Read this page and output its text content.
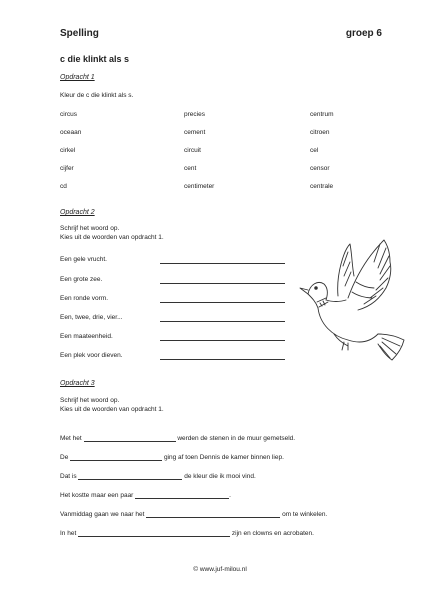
Spelling	groep 6
c die klinkt als s
Opdracht 1
Kleur de c die klinkt als s.
circus	precies	centrum
oceaan	cement	citroen
cirkel	circuit	cel
cijfer	cent	censor
cd	centimeter	centrale
Opdracht 2
Schrijf het woord op.
Kies uit de woorden van opdracht 1.
Een gele vrucht.
Een grote zee.
Een ronde vorm.
Een, twee, drie, vier...
Een maateenheid.
Een plek voor dieven.
Opdracht 3
Schrijf het woord op.
Kies uit de woorden van opdracht 1.
Met het	werden de stenen in de muur gemetseld.
De	ging af toen Dennis de kamer binnen liep.
Dat is	de kleur die ik mooi vind.
Het kostte maar een paar	.
Vanmiddag gaan we naar het	om te winkelen.
In het	zijn en clowns en acrobaten.
© www.juf-milou.nl
